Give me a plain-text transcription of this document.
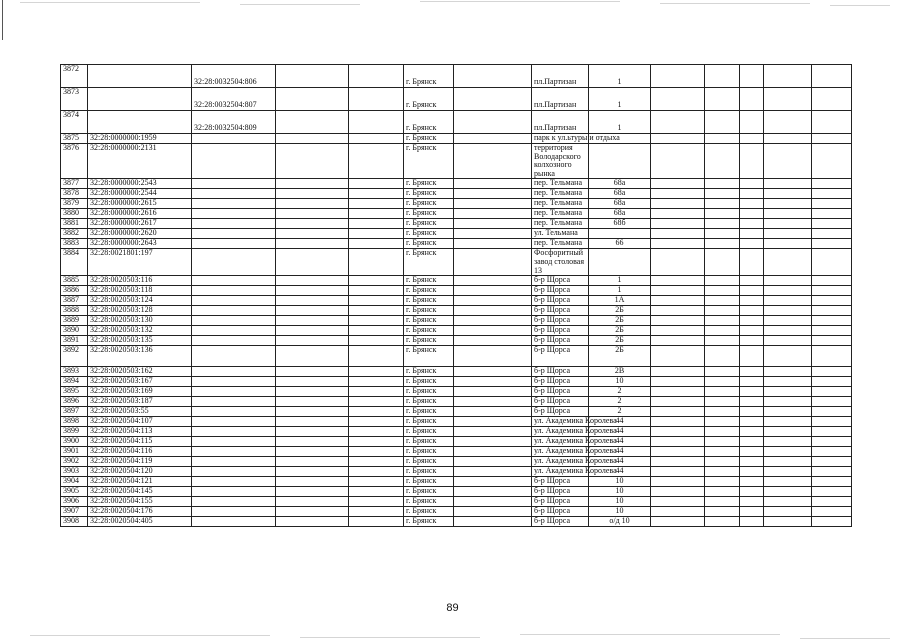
3872		32:28:0032504:806			г. Брянск		пл.Партизан	1					
3873		32:28:0032504:807			г. Брянск		пл.Партизан	1					
3874		32:28:0032504:809			г. Брянск		пл.Партизан	1					
3875	32:28:0000000:1959				г. Брянск		парк к ул.ьтуры и отдыха						
3876	32:28:0000000:2131				г. Брянск		территория Володарского колхозного рынка						
3877	32:28:0000000:2543				г. Брянск		пер. Тельмана	68а					
3878	32:28:0000000:2544				г. Брянск		пер. Тельмана	68а					
3879	32:28:0000000:2615				г. Брянск		пер. Тельмана	68а					
3880	32:28:0000000:2616				г. Брянск		пер. Тельмана	68а					
3881	32:28:0000000:2617				г. Брянск		пер. Тельмана	68б					
3882	32:28:0000000:2620				г. Брянск		ул. Тельмана						
3883	32:28:0000000:2643				г. Брянск		пер. Тельмана	66					
3884	32:28:0021801:197				г. Брянск		Фосфоритный завод столовая 13						
3885	32:28:0020503:116				г. Брянск		б-р Щорса	1					
3886	32:28:0020503:118				г. Брянск		б-р Щорса	1					
3887	32:28:0020503:124				г. Брянск		б-р Щорса	1А					
3888	32:28:0020503:128				г. Брянск		б-р Щорса	2Б					
3889	32:28:0020503:130				г. Брянск		б-р Щорса	2Б					
3890	32:28:0020503:132				г. Брянск		б-р Щорса	2Б					
3891	32:28:0020503:135				г. Брянск		б-р Щорса	2Б					
3892	32:28:0020503:136				г. Брянск		б-р Щорса	2Б					
3893	32:28:0020503:162				г. Брянск		б-р Щорса	2В					
3894	32:28:0020503:167				г. Брянск		б-р Щорса	10					
3895	32:28:0020503:169				г. Брянск		б-р Щорса	2					
3896	32:28:0020503:187				г. Брянск		б-р Щорса	2					
3897	32:28:0020503:55				г. Брянск		б-р Щорса	2					
3898	32:28:0020504:107				г. Брянск		ул. Академика Королева	44					
3899	32:28:0020504:113				г. Брянск		ул. Академика Королева	44					
3900	32:28:0020504:115				г. Брянск		ул. Академика Королева	44					
3901	32:28:0020504:116				г. Брянск		ул. Академика Королева	44					
3902	32:28:0020504:119				г. Брянск		ул. Академика Королева	44					
3903	32:28:0020504:120				г. Брянск		ул. Академика Королева	44					
3904	32:28:0020504:121				г. Брянск		б-р Щорса	10					
3905	32:28:0020504:145				г. Брянск		б-р Щорса	10					
3906	32:28:0020504:155				г. Брянск		б-р Щорса	10					
3907	32:28:0020504:176				г. Брянск		б-р Щорса	10					
3908	32:28:0020504:405				г. Брянск		б-р Щорса	о/д 10					
89
